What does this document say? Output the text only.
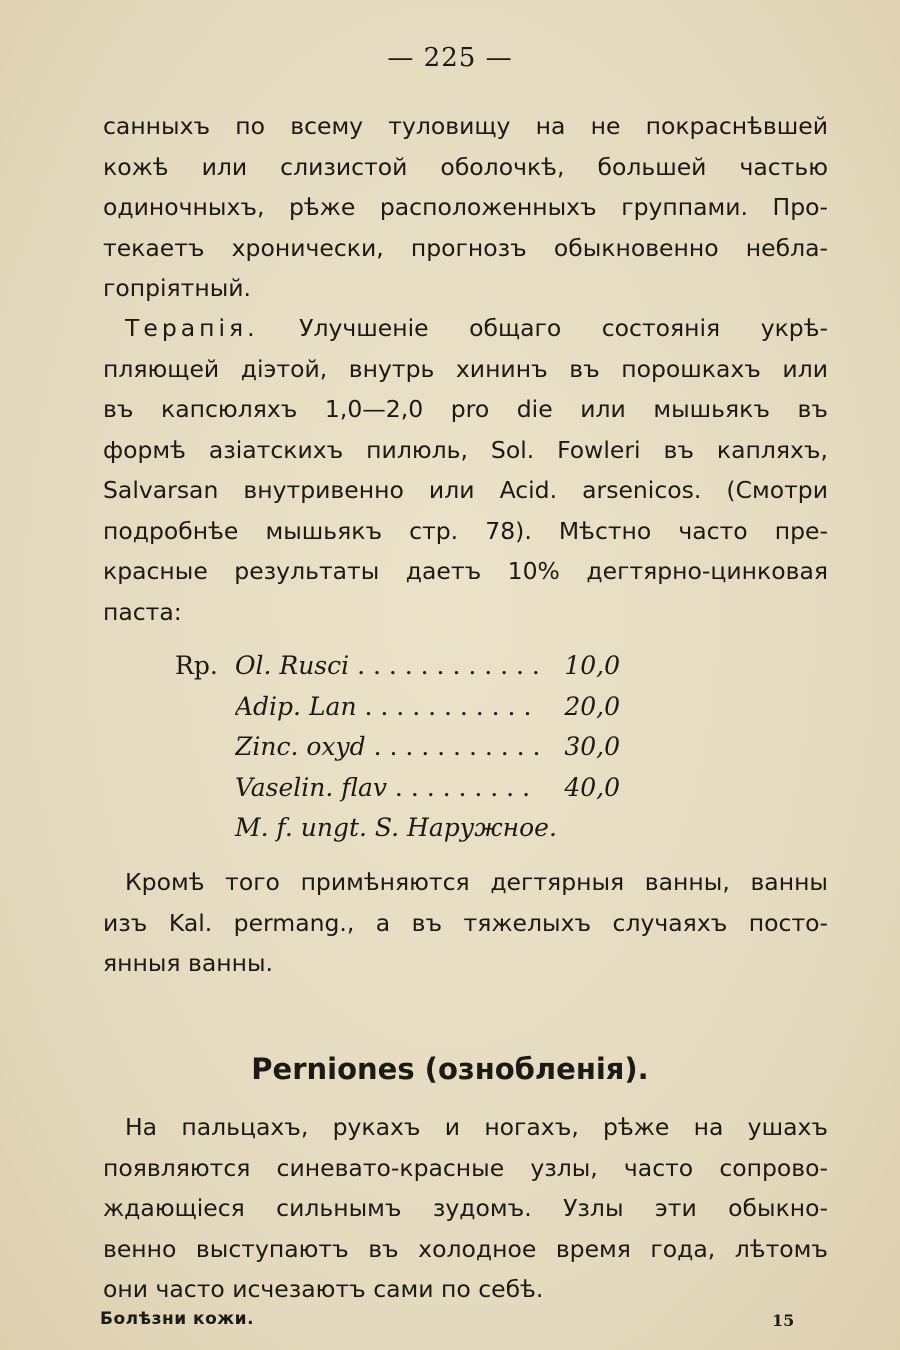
— 225 —
санныхъ по всему туловищу на не покраснѣвшей
кожѣ или слизистой оболочкѣ, большей частью
одиночныхъ, рѣже расположенныхъ группами. Про-
текаетъ хронически, прогнозъ обыкновенно небла-
гопріятный.
Терапія. Улучшеніе общаго состоянія укрѣ-
пляющей діэтой, внутрь хининъ въ порошкахъ или
въ капсюляхъ 1,0—2,0 pro die или мышьякъ въ
формѣ азіатскихъ пилюль, Sol. Fowleri въ капляхъ,
Salvarsan внутривенно или Acid. arsenicos. (Смотри
подробнѣе мышьякъ стр. 78). Мѣстно часто пре-
красные результаты даетъ 10% дегтярно-цинковая
паста:
Rp. Ol. Rusci . . .	10,0
Adip. Lan . . .	20,0
Zinc. oxyd . . .	30,0
Vaselin. flav . . .	40,0
M. f. ungt. S. Наружное.
Кромѣ того примѣняются дегтярныя ванны, ванны
изъ Kal. permang., а въ тяжелыхъ случаяхъ посто-
янныя ванны.
Perniones (ознобленія).
На пальцахъ, рукахъ и ногахъ, рѣже на ушахъ
появляются синевато-красные узлы, часто сопрово-
ждающіеся сильнымъ зудомъ. Узлы эти обыкно-
венно выступаютъ въ холодное время года, лѣтомъ
они часто исчезаютъ сами по себѣ.
Болѣзни кожи.	15
